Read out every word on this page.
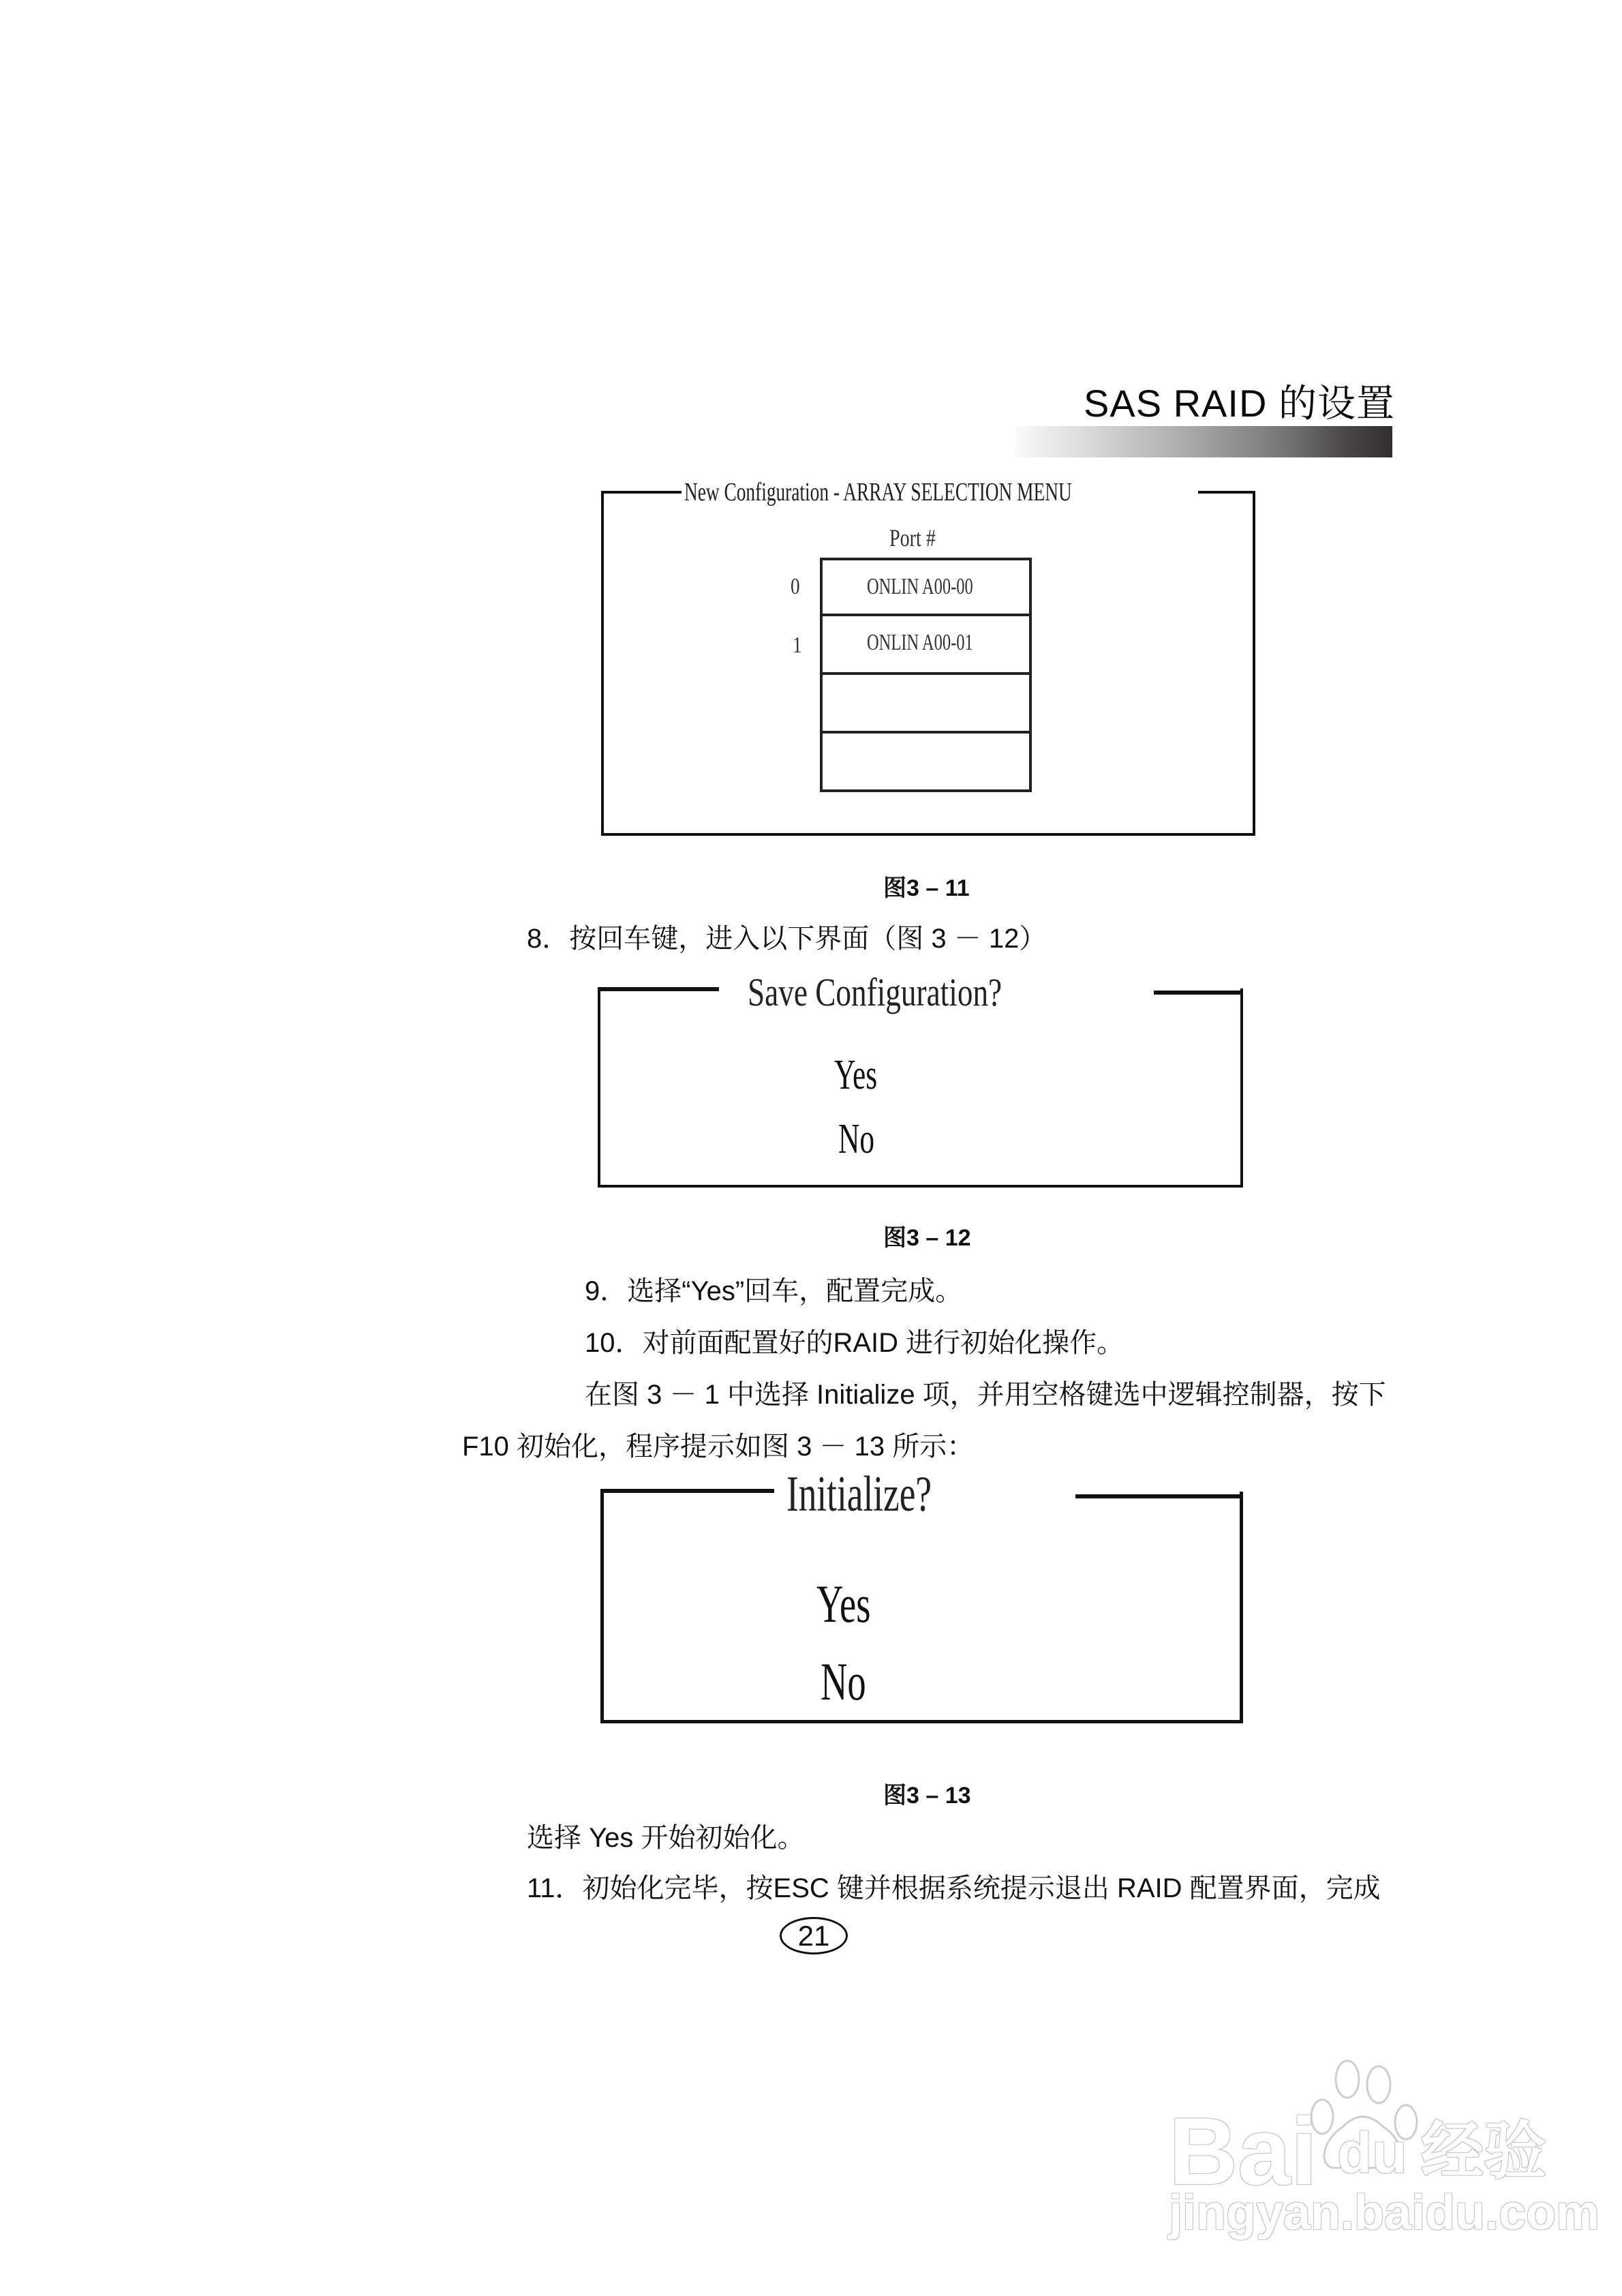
SAS RAID 的设置
New Configuration - ARRAY SELECTION MENU
Port #
0
1
ONLIN A00-00
ONLIN A00-01
图3 – 11
8．按回车键，进入以下界面（图 3 － 12）
Save Configuration?
Yes
No
图3 – 12
9．选择“Yes”回车，配置完成。
10．对前面配置好的RAID 进行初始化操作。
在图 3 － 1 中选择 Initialize 项，并用空格键选中逻辑控制器，按下
F10 初始化，程序提示如图 3 － 13 所示：
Initialize?
Yes
No
图3 – 13
选择 Yes 开始初始化。
11．初始化完毕，按ESC 键并根据系统提示退出 RAID 配置界面，完成
21
Bai du 经验
jingyan.baidu.com
